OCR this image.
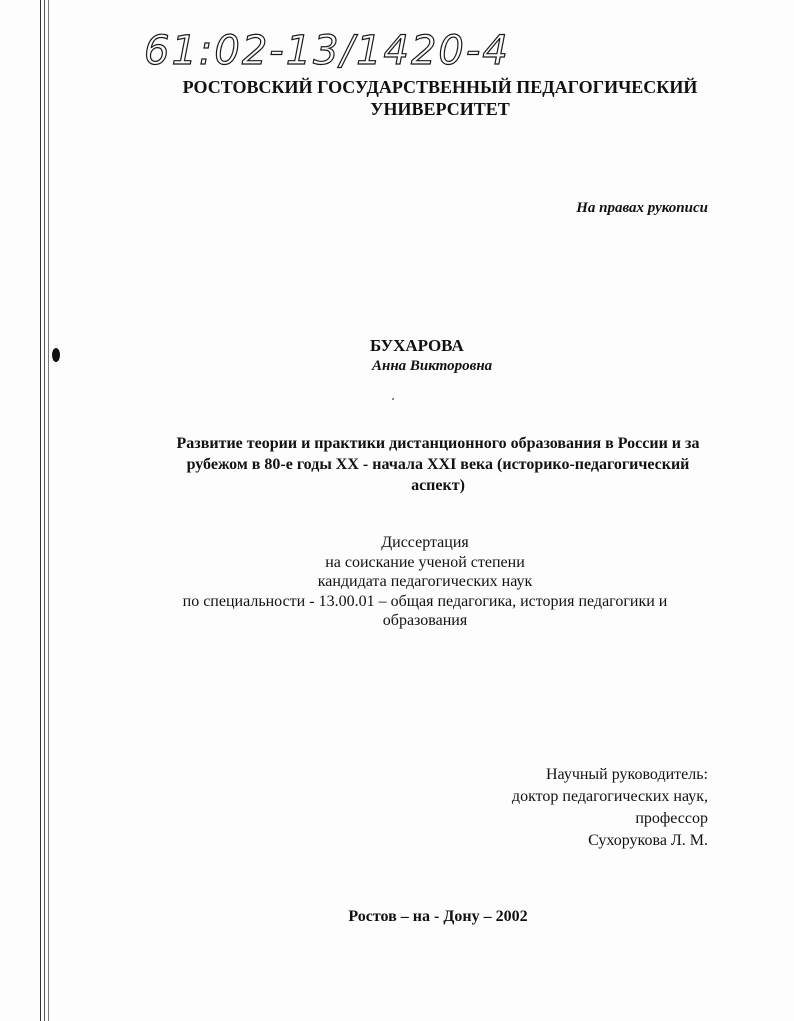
61:02-13/1420-4
РОСТОВСКИЙ ГОСУДАРСТВЕННЫЙ ПЕДАГОГИЧЕСКИЙ
УНИВЕРСИТЕТ
На правах рукописи
БУХАРОВА
Анна Викторовна
Развитие теории и практики дистанционного образования в России и за
рубежом в 80-е годы XX - начала XXI века (историко-педагогический
аспект)
Диссертация
на соискание ученой степени
кандидата педагогических наук
по специальности - 13.00.01 – общая педагогика, история педагогики и
образования
Научный руководитель:
доктор педагогических наук,
профессор
Сухорукова Л. М.
Ростов – на - Дону – 2002
